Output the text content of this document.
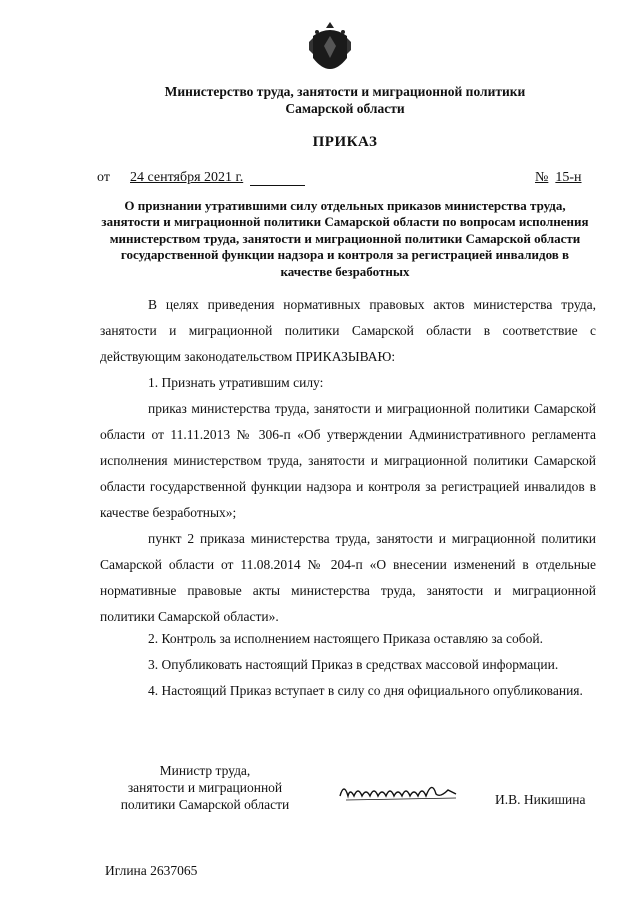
Министерство труда, занятости и миграционной политики
Самарской области
ПРИКАЗ
от 24 сентября 2021 г.	№ 15-н
О признании утратившими силу отдельных приказов министерства труда, занятости и миграционной политики Самарской области по вопросам исполнения министерством труда, занятости и миграционной политики Самарской области государственной функции надзора и контроля за регистрацией инвалидов в качестве безработных
В целях приведения нормативных правовых актов министерства труда, занятости и миграционной политики Самарской области в соответствие с действующим законодательством ПРИКАЗЫВАЮ:
1. Признать утратившим силу:
приказ министерства труда, занятости и миграционной политики Самарской области от 11.11.2013 № 306-п «Об утверждении Административного регламента исполнения министерством труда, занятости и миграционной политики Самарской области государственной функции надзора и контроля за регистрацией инвалидов в качестве безработных»;
пункт 2 приказа министерства труда, занятости и миграционной политики Самарской области от 11.08.2014 № 204-п «О внесении изменений в отдельные нормативные правовые акты министерства труда, занятости и миграционной политики Самарской области».
2. Контроль за исполнением настоящего Приказа оставляю за собой.
3. Опубликовать настоящий Приказ в средствах массовой информации.
4. Настоящий Приказ вступает в силу со дня официального опубликования.
Министр труда,
занятости и миграционной
политики Самарской области	И.В. Никишина
Иглина 2637065
